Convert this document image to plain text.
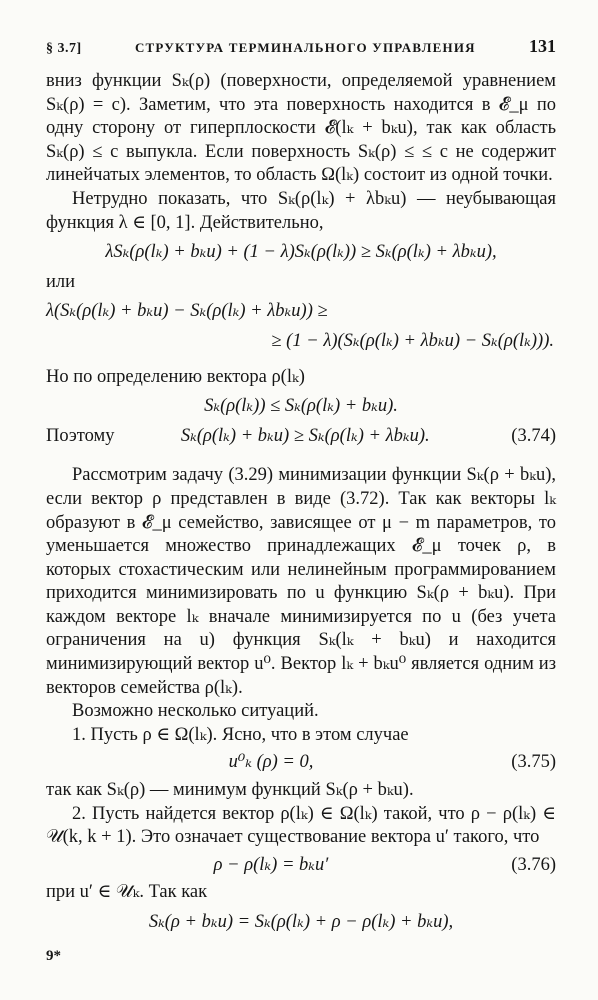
§ 3.7]	СТРУКТУРА ТЕРМИНАЛЬНОГО УПРАВЛЕНИЯ	131

вниз функции Sₖ(ρ) (поверхности, определяемой уравнением Sₖ(ρ) = c). Заметим, что эта поверхность находится в 𝓔_μ по одну сторону от гиперплоскости 𝓔(lₖ + bₖu), так как область Sₖ(ρ) ≤ c выпукла. Если поверхность Sₖ(ρ) ≤ ≤ c не содержит линейчатых элементов, то область Ω(lₖ) состоит из одной точки.

Нетрудно показать, что Sₖ(ρ(lₖ) + λbₖu) — неубывающая функция λ ∈ [0, 1]. Действительно,

λSₖ(ρ(lₖ) + bₖu) + (1 − λ)Sₖ(ρ(lₖ)) ≥ Sₖ(ρ(lₖ) + λbₖu),

или

λ(Sₖ(ρ(lₖ) + bₖu) − Sₖ(ρ(lₖ) + λbₖu)) ≥
≥ (1 − λ)(Sₖ(ρ(lₖ) + λbₖu) − Sₖ(ρ(lₖ))).

Но по определению вектора ρ(lₖ)

Sₖ(ρ(lₖ)) ≤ Sₖ(ρ(lₖ) + bₖu).
Поэтому	Sₖ(ρ(lₖ) + bₖu) ≥ Sₖ(ρ(lₖ) + λbₖu).	(3.74)

Рассмотрим задачу (3.29) минимизации функции Sₖ(ρ + bₖu), если вектор ρ представлен в виде (3.72). Так как векторы lₖ образуют в 𝓔_μ семейство, зависящее от μ − m параметров, то уменьшается множество принадлежащих 𝓔_μ точек ρ, в которых стохастическим или нелинейным программированием приходится минимизировать по u функцию Sₖ(ρ + bₖu). При каждом векторе lₖ вначале минимизируется по u (без учета ограничения на u) функция Sₖ(lₖ + bₖu) и находится минимизирующий вектор u⁰. Вектор lₖ + bₖu⁰ является одним из векторов семейства ρ(lₖ).

Возможно несколько ситуаций.

1. Пусть ρ ∈ Ω(lₖ). Ясно, что в этом случае

u⁰ₖ (ρ) = 0,	(3.75)

так как Sₖ(ρ) — минимум функций Sₖ(ρ + bₖu).

2. Пусть найдется вектор ρ(lₖ) ∈ Ω(lₖ) такой, что ρ − ρ(lₖ) ∈ 𝒰(k, k + 1). Это означает существование вектора u′ такого, что

ρ − ρ(lₖ) = bₖu′	(3.76)

при u′ ∈ 𝒰ₖ. Так как

Sₖ(ρ + bₖu) = Sₖ(ρ(lₖ) + ρ − ρ(lₖ) + bₖu),
9*
